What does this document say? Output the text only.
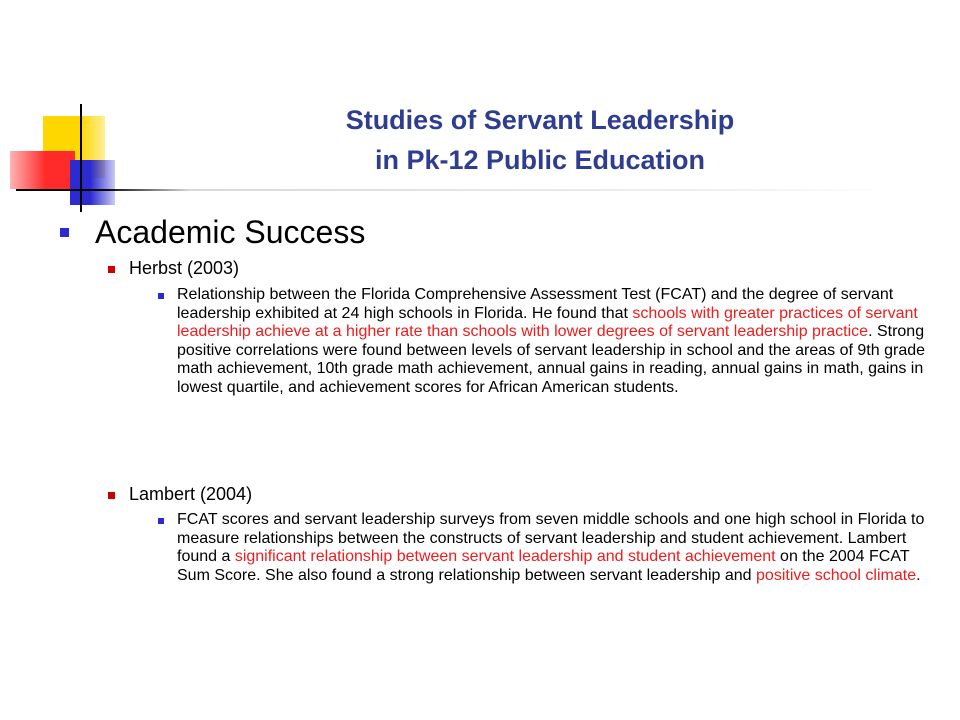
Studies of Servant Leadership
in Pk-12 Public Education
Academic Success
Herbst (2003)
Relationship between the Florida Comprehensive Assessment Test (FCAT) and the degree of servant leadership exhibited at 24 high schools in Florida. He found that schools with greater practices of servant leadership achieve at a higher rate than schools with lower degrees of servant leadership practice. Strong positive correlations were found between levels of servant leadership in school and the areas of 9th grade math achievement, 10th grade math achievement, annual gains in reading, annual gains in math, gains in lowest quartile, and achievement scores for African American students.
Lambert (2004)
FCAT scores and servant leadership surveys from seven middle schools and one high school in Florida to measure relationships between the constructs of servant leadership and student achievement. Lambert found a significant relationship between servant leadership and student achievement on the 2004 FCAT Sum Score. She also found a strong relationship between servant leadership and positive school climate.
